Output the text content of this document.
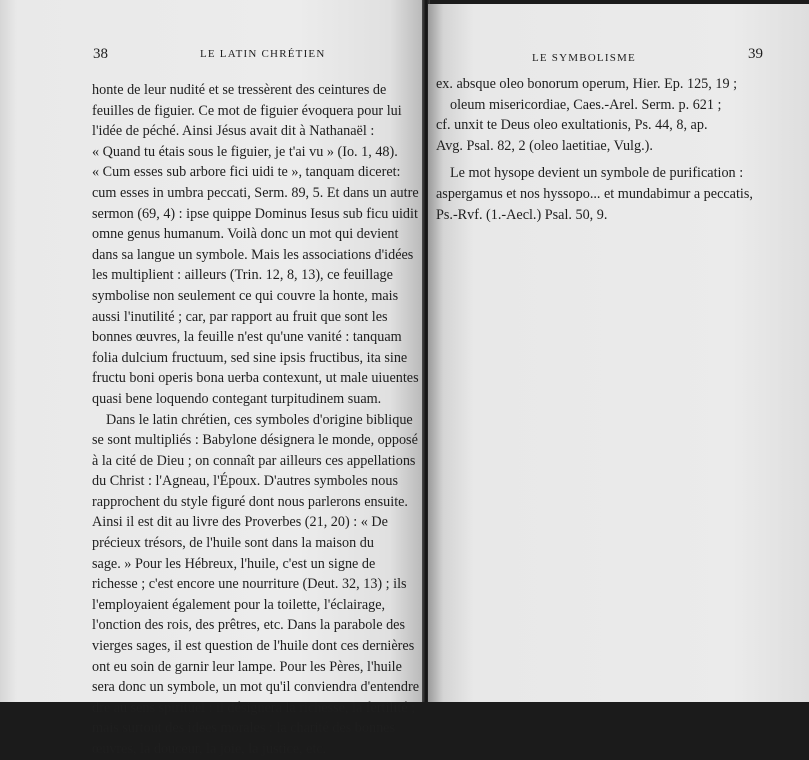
38	LE LATIN CHRÉTIEN
honte de leur nudité et se tressèrent des ceintures de
feuilles de figuier. Ce mot de figuier évoquera pour lui
l'idée de péché. Ainsi Jésus avait dit à Nathanaël :
« Quand tu étais sous le figuier, je t'ai vu » (Io. 1, 48).
« Cum esses sub arbore fici uidi te », tanquam diceret:
cum esses in umbra peccati, Serm. 89, 5. Et dans un autre
sermon (69, 4) : ipse quippe Dominus Iesus sub ficu uidit
omne genus humanum. Voilà donc un mot qui devient
dans sa langue un symbole. Mais les associations d'idées
les multiplient : ailleurs (Trin. 12, 8, 13), ce feuillage
symbolise non seulement ce qui couvre la honte, mais
aussi l'inutilité ; car, par rapport au fruit que sont les
bonnes œuvres, la feuille n'est qu'une vanité : tanquam
folia dulcium fructuum, sed sine ipsis fructibus, ita sine
fructu boni operis bona uerba contexunt, ut male uiuentes
quasi bene loquendo contegant turpitudinem suam.
Dans le latin chrétien, ces symboles d'origine biblique
se sont multipliés : Babylone désignera le monde, opposé
à la cité de Dieu ; on connaît par ailleurs ces appellations
du Christ : l'Agneau, l'Époux. D'autres symboles nous
rapprochent du style figuré dont nous parlerons ensuite.
Ainsi il est dit au livre des Proverbes (21, 20) : « De
précieux trésors, de l'huile sont dans la maison du
sage. » Pour les Hébreux, l'huile, c'est un signe de
richesse ; c'est encore une nourriture (Deut. 32, 13) ; ils
l'employaient également pour la toilette, l'éclairage,
l'onction des rois, des prêtres, etc. Dans la parabole des
vierges sages, il est question de l'huile dont ces dernières
ont eu soin de garnir leur lampe. Pour les Pères, l'huile
sera donc un symbole, un mot qu'il conviendra d'entendre
dre au sens spirituel : il désignera la richesse, la fertilité ;
mais surtout des idées morales : la charité des bonnes
œuvres, la douceur, la joie, la justice, etc.
LE SYMBOLISME	39
ex. absque oleo bonorum operum, Hier. Ep. 125, 19 ;
oleum misericordiae, Caes.-Arel. Serm. p. 621 ;
cf. unxit te Deus oleo exultationis, Ps. 44, 8, ap.
Avg. Psal. 82, 2 (oleo laetitiae, Vulg.).
Le mot hysope devient un symbole de purification :
aspergamus et nos hyssopo... et mundabimur a peccatis,
Ps.-Rvf. (1.-Aecl.) Psal. 50, 9.
